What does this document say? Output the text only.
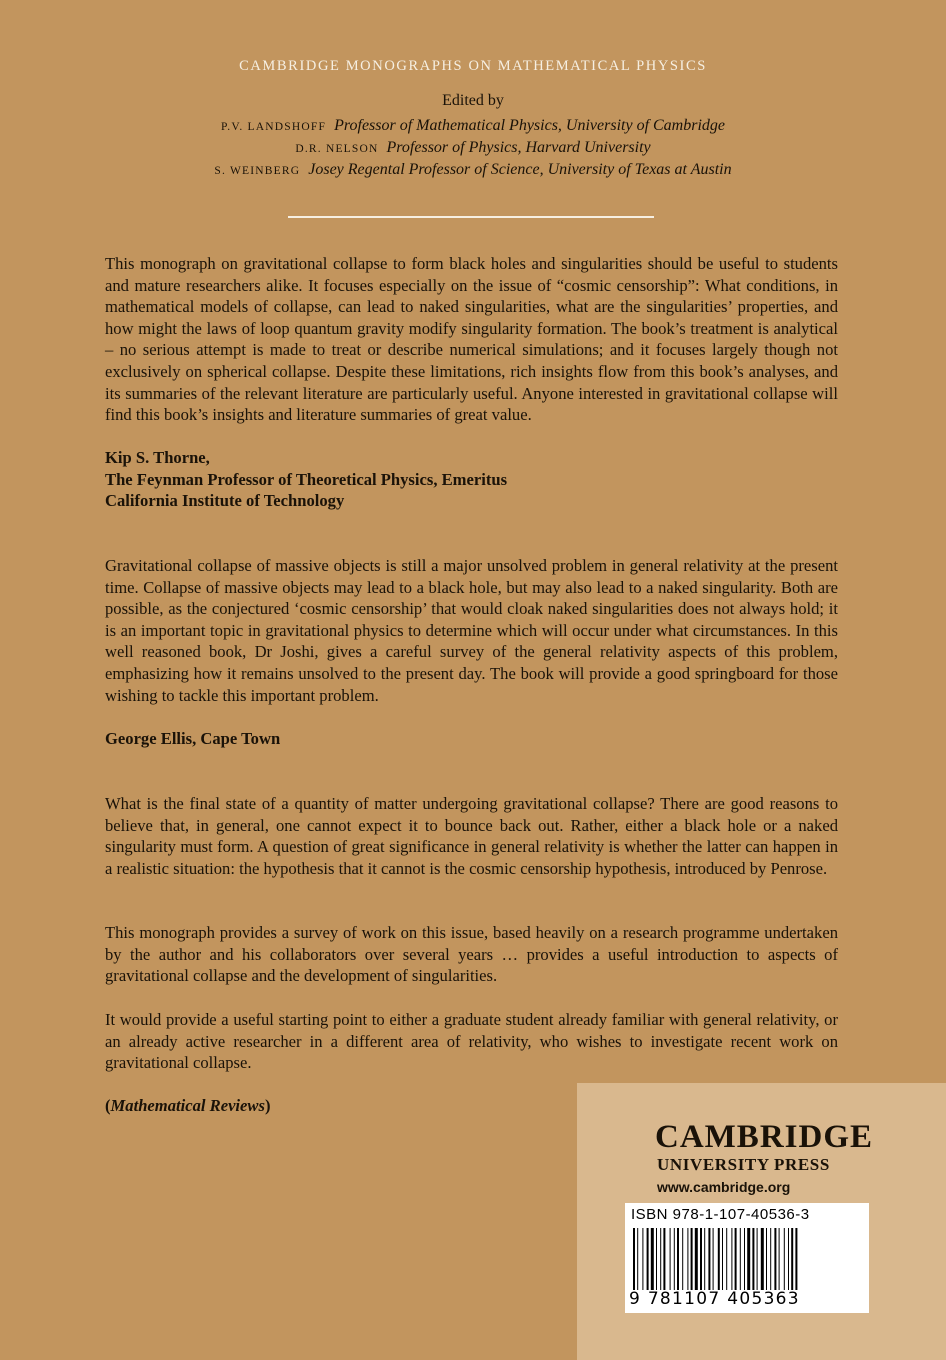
CAMBRIDGE MONOGRAPHS ON MATHEMATICAL PHYSICS
Edited by
P.V. LANDSHOFF Professor of Mathematical Physics, University of Cambridge
D.R. NELSON Professor of Physics, Harvard University
S. WEINBERG Josey Regental Professor of Science, University of Texas at Austin

This monograph on gravitational collapse to form black holes and singularities should be useful to students and mature researchers alike. It focuses especially on the issue of “cosmic censorship”: What conditions, in mathematical models of collapse, can lead to naked singularities, what are the singularities’ properties, and how might the laws of loop quantum gravity modify singularity formation. The book’s treatment is analytical – no serious attempt is made to treat or describe numerical simulations; and it focuses largely though not exclusively on spherical collapse. Despite these limitations, rich insights flow from this book’s analyses, and its summaries of the relevant literature are particularly useful. Anyone interested in gravitational collapse will find this book’s insights and literature summaries of great value.

Kip S. Thorne,
The Feynman Professor of Theoretical Physics, Emeritus
California Institute of Technology

Gravitational collapse of massive objects is still a major unsolved problem in general relativity at the present time. Collapse of massive objects may lead to a black hole, but may also lead to a naked singularity. Both are possible, as the conjectured ‘cosmic censorship’ that would cloak naked singularities does not always hold; it is an important topic in gravitational physics to determine which will occur under what circumstances. In this well reasoned book, Dr Joshi, gives a careful survey of the general relativity aspects of this problem, emphasizing how it remains unsolved to the present day. The book will provide a good springboard for those wishing to tackle this important problem.

George Ellis, Cape Town

What is the final state of a quantity of matter undergoing gravitational collapse? There are good reasons to believe that, in general, one cannot expect it to bounce back out. Rather, either a black hole or a naked singularity must form. A question of great significance in general relativity is whether the latter can happen in a realistic situation: the hypothesis that it cannot is the cosmic censorship hypothesis, introduced by Penrose.

This monograph provides a survey of work on this issue, based heavily on a research programme undertaken by the author and his collaborators over several years … provides a useful introduction to aspects of gravitational collapse and the development of singularities.

It would provide a useful starting point to either a graduate student already familiar with general relativity, or an already active researcher in a different area of relativity, who wishes to investigate recent work on gravitational collapse.

(Mathematical Reviews)
CAMBRIDGE
UNIVERSITY PRESS
www.cambridge.org
ISBN 978-1-107-40536-3
9 781107 405363
